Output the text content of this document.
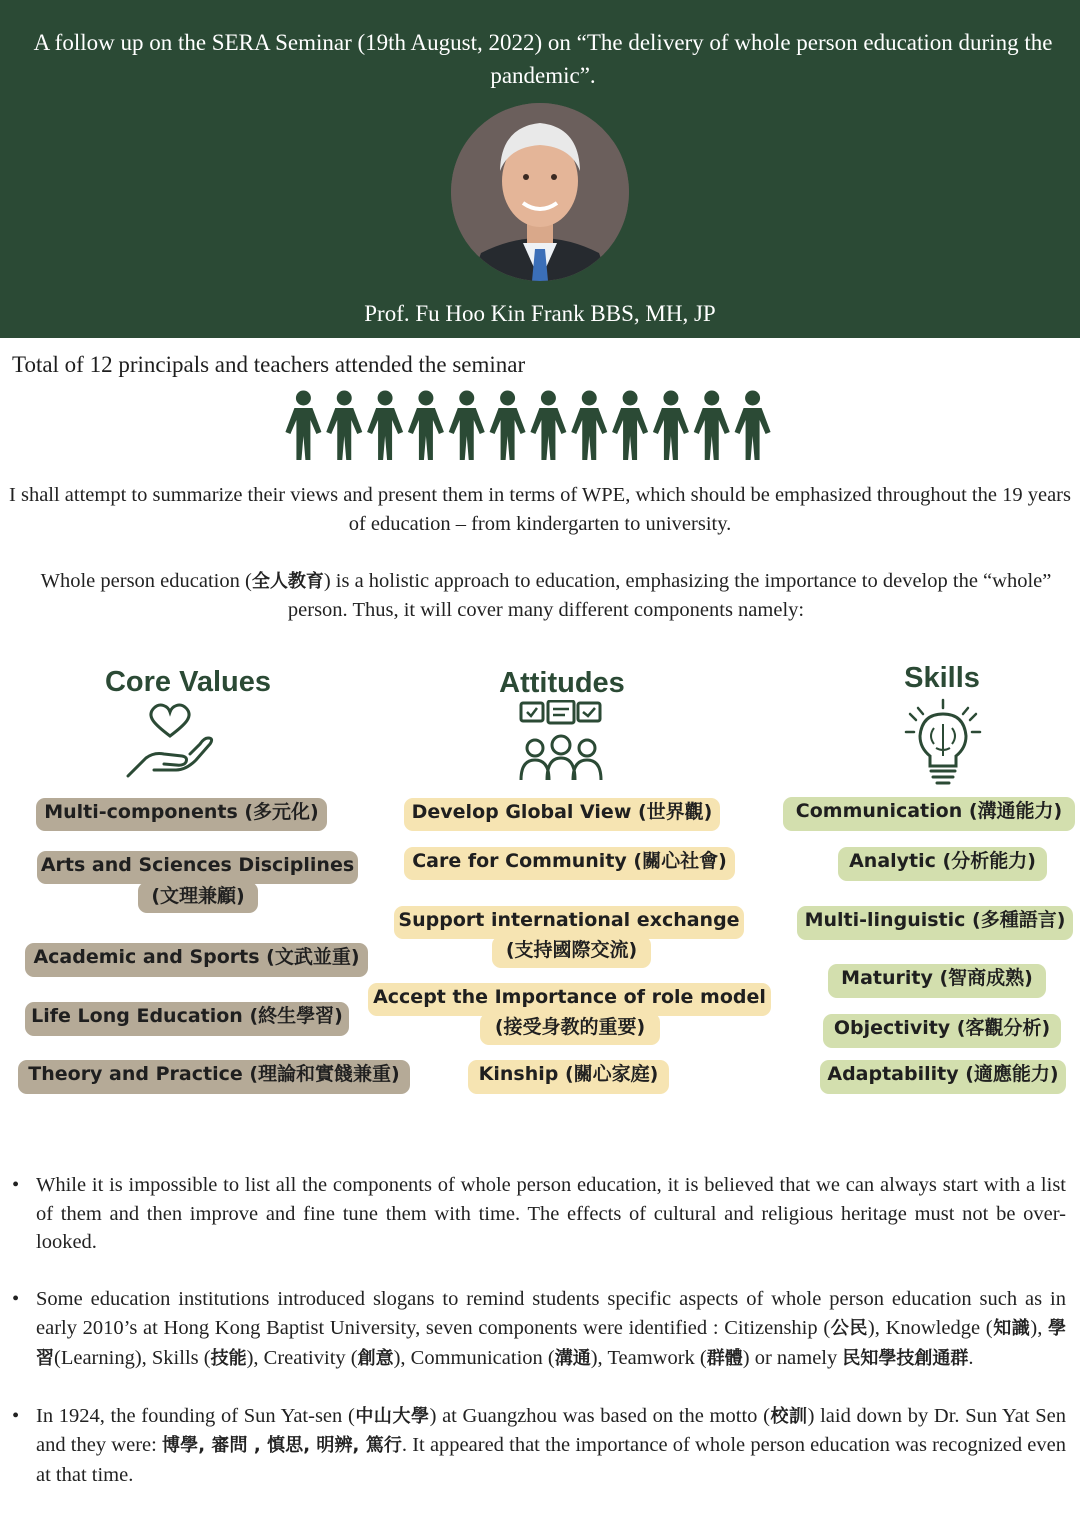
A follow up on the SERA Seminar (19th August, 2022) on “The delivery of whole person education during the pandemic”.
Prof. Fu Hoo Kin Frank BBS, MH, JP
Total of 12 principals and teachers attended the seminar
I shall attempt to summarize their views and present them in terms of WPE, which should be emphasized throughout the 19 years of education – from kindergarten to university.
Whole person education (全人教育) is a holistic approach to education, emphasizing the importance to develop the “whole” person. Thus, it will cover many different components namely:
Core Values	Attitudes	Skills
Multi-components (多元化)
Arts and Sciences Disciplines
(文理兼顧)
Academic and Sports (文武並重)
Life Long Education (終生學習)
Theory and Practice (理論和實餞兼重)
Develop Global View (世界觀)
Care for Community (關心社會)
Support international exchange
(支持國際交流)
Accept the Importance of role model
(接受身教的重要)
Kinship (關心家庭)
Communication (溝通能力)
Analytic (分析能力)
Multi-linguistic (多種語言)
Maturity (智商成熟)
Objectivity (客觀分析)
Adaptability (適應能力)
• While it is impossible to list all the components of whole person education, it is believed that we can always start with a list of them and then improve and fine tune them with time. The effects of cultural and religious heritage must not be over-looked.
• Some education institutions introduced slogans to remind students specific aspects of whole person education such as in early 2010’s at Hong Kong Baptist University, seven components were identified : Citizenship (公民), Knowledge (知識), 學習(Learning), Skills (技能), Creativity (創意), Communication (溝通), Teamwork (群體) or namely 民知學技創通群.
• In 1924, the founding of Sun Yat-sen (中山大學) at Guangzhou was based on the motto (校訓) laid down by Dr. Sun Yat Sen and they were: 博學, 審問 , 慎思, 明辨, 篤行. It appeared that the importance of whole person education was recognized even at that time.
